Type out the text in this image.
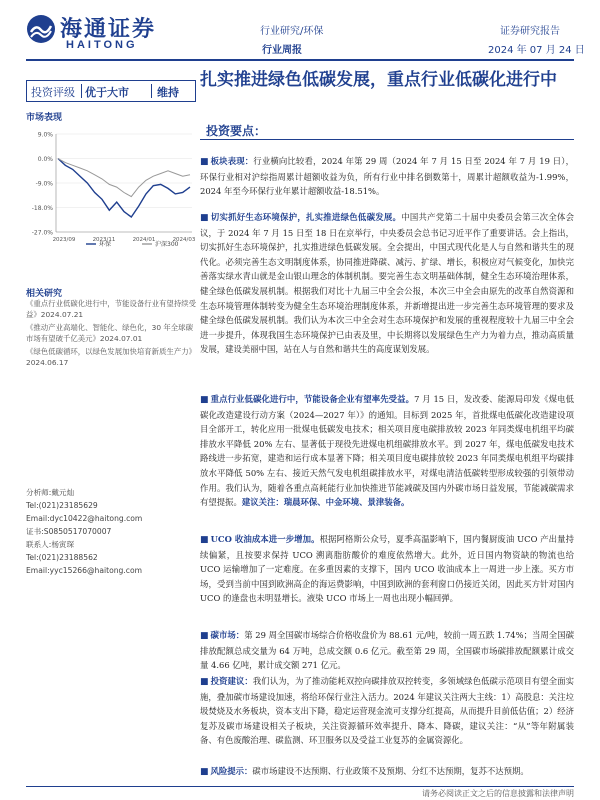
海通证券
HAITONG
行业研究/环保
行业周报
证券研究报告
2024 年 07 月 24 日
投资评级 优于大市	维持
市场表现
9.0%
0.0%
-9.0%
-18.0%
-27.0%
2023/09	2023/11	2024/01	2024/03
环保	沪深300
相关研究
《重点行业低碳化进行中，节能设备行业有望持续受益》2024.07.21
《推动产业高端化、智能化、绿色化，30 年全球碳市场有望破千亿美元》2024.07.01
《绿色低碳循环，以绿色发展加快培育新质生产力》2024.06.17
分析师:戴元灿
Tel:(021)23185629
Email:dyc10422@haitong.com
证书:S0850517070007
联系人:杨寅琛
Tel:(021)23188562
Email:yyc15266@haitong.com
扎实推进绿色低碳发展，重点行业低碳化进行中
投资要点：
■ 板块表现：行业横向比较看，2024 年第 29 周（2024 年 7 月 15 日至 2024 年 7 月 19 日），环保行业相对沪综指周累计超额收益为负，所有行业中排名倒数第十，周累计超额收益为-1.99%，2024 年至今环保行业年累计超额收益-18.51%。
■ 切实抓好生态环境保护，扎实推进绿色低碳发展。中国共产党第二十届中央委员会第三次全体会议，于 2024 年 7 月 15 日至 18 日在京举行，中央委员会总书记习近平作了重要讲话。会上指出，切实抓好生态环境保护，扎实推进绿色低碳发展。全会提出，中国式现代化是人与自然和谐共生的现代化。必须完善生态文明制度体系，协同推进降碳、减污、扩绿、增长，积极应对气候变化，加快完善落实绿水青山就是金山银山理念的体制机制。要完善生态文明基础体制，健全生态环境治理体系，健全绿色低碳发展机制。根据我们对比十九届三中全会公报，本次三中全会由原先的改革自然资源和生态环境管理体制转变为健全生态环境治理制度体系，并新增提出进一步完善生态环境管理的要求及健全绿色低碳发展机制。我们认为本次三中全会对生态环境保护和发展的重视程度较十九届三中全会进一步提升，体现我国生态环境保护已由表及里，中长期将以发展绿色生产力为着力点，推动高质量发展，建设美丽中国，站在人与自然和谐共生的高度谋划发展。
■ 重点行业低碳化进行中，节能设备企业有望率先受益。7 月 15 日，发改委、能源局印发《煤电低碳化改造建设行动方案（2024—2027 年）》的通知。目标到 2025 年，首批煤电低碳化改造建设项目全部开工，转化应用一批煤电低碳发电技术；相关项目度电碳排放较 2023 年同类煤电机组平均碳排放水平降低 20% 左右、显著低于现役先进煤电机组碳排放水平。到 2027 年，煤电低碳发电技术路线进一步拓宽，建造和运行成本显著下降；相关项目度电碳排放较 2023 年同类煤电机组平均碳排放水平降低 50% 左右、接近天然气发电机组碳排放水平，对煤电清洁低碳转型形成较强的引领带动作用。我们认为，随着各重点高耗能行业加快推进节能减碳及国内外碳市场日益发展，节能减碳需求有望提振。建议关注：瑞晨环保、中金环境、景津装备。
■ UCO 收油成本进一步增加。根据阿格斯公众号，夏季高温影响下，国内餐厨废油 UCO 产出量持续偏紧，且按要求保持 UCO 溯离脂肪酸价的难度依然增大。此外，近日国内物资缺的物流也给 UCO 运输增加了一定难度。在多重因素的支撑下，国内 UCO 收油成本上一周进一步上涨。买方市场，受到当前中国到欧洲高企的海运费影响，中国到欧洲的套利窗口仍接近关闭，因此买方针对国内 UCO 的逢盘也未明显增长。液染 UCO 市场上一周也出现小幅回弹。
■ 碳市场：第 29 周全国碳市场综合价格收盘价为 88.61 元/吨，较前一周五跌 1.74%；当周全国碳排放配额总成交量为 64 万吨，总成交额 0.6 亿元。截至第 29 周，全国碳市场碳排放配额累计成交量 4.66 亿吨，累计成交额 271 亿元。
■ 投资建议：我们认为，为了推动能耗双控向碳排放双控转变，多领域绿色低碳示范项目有望全面实施，叠加碳市场建设加速，将给环保行业注入活力。2024 年建议关注两大主线：1）高股息：关注垃圾焚烧及水务板块，资本支出下降，稳定运营现金流可支撑分红提高，从而提升目前低估值；2）经济复苏及碳市场建设相关子板块，关注资源循环效率提升、降本、降碳，建议关注：“从”等年附属装备、有色废酸治理、碳监测、环卫服务以及受益工业复苏的金属资源化。
■ 风险提示：碳市场建设不达预期、行业政策不及预期、分红不达预期，复苏不达预期。
请务必阅读正文之后的信息披露和法律声明
